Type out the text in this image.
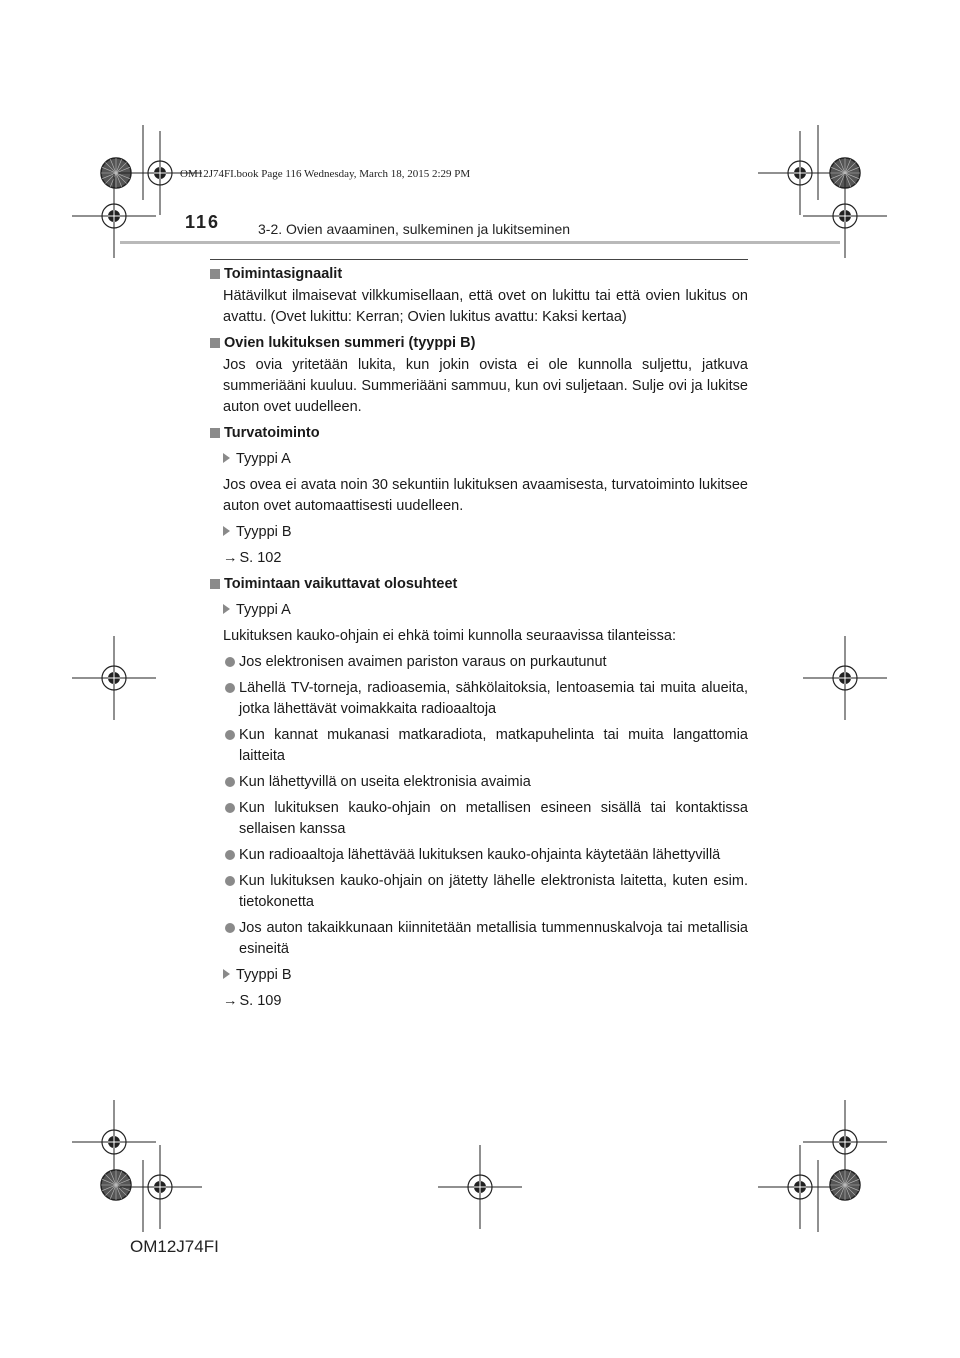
OM12J74FI.book Page 116 Wednesday, March 18, 2015 2:29 PM
116	3-2. Ovien avaaminen, sulkeminen ja lukitseminen
Toimintasignaalit
Hätävilkut ilmaisevat vilkkumisellaan, että ovet on lukittu tai että ovien lukitus on avattu. (Ovet lukittu: Kerran; Ovien lukitus avattu: Kaksi kertaa)
Ovien lukituksen summeri (tyyppi B)
Jos ovia yritetään lukita, kun jokin ovista ei ole kunnolla suljettu, jatkuva summeriääni kuuluu. Summeriääni sammuu, kun ovi suljetaan. Sulje ovi ja lukitse auton ovet uudelleen.
Turvatoiminto
Tyyppi A
Jos ovea ei avata noin 30 sekuntiin lukituksen avaamisesta, turvatoiminto lukitsee auton ovet automaattisesti uudelleen.
Tyyppi B
→ S. 102
Toimintaan vaikuttavat olosuhteet
Tyyppi A
Lukituksen kauko-ohjain ei ehkä toimi kunnolla seuraavissa tilanteissa:
Jos elektronisen avaimen pariston varaus on purkautunut
Lähellä TV-torneja, radioasemia, sähkölaitoksia, lentoasemia tai muita alueita, jotka lähettävät voimakkaita radioaaltoja
Kun kannat mukanasi matkaradiota, matkapuhelinta tai muita langattomia laitteita
Kun lähettyvillä on useita elektronisia avaimia
Kun lukituksen kauko-ohjain on metallisen esineen sisällä tai kontaktissa sellaisen kanssa
Kun radioaaltoja lähettävää lukituksen kauko-ohjainta käytetään lähettyvillä
Kun lukituksen kauko-ohjain on jätetty lähelle elektronista laitetta, kuten esim. tietokonetta
Jos auton takaikkunaan kiinnitetään metallisia tummennuskalvoja tai metallisia esineitä
Tyyppi B
→ S. 109
OM12J74FI
